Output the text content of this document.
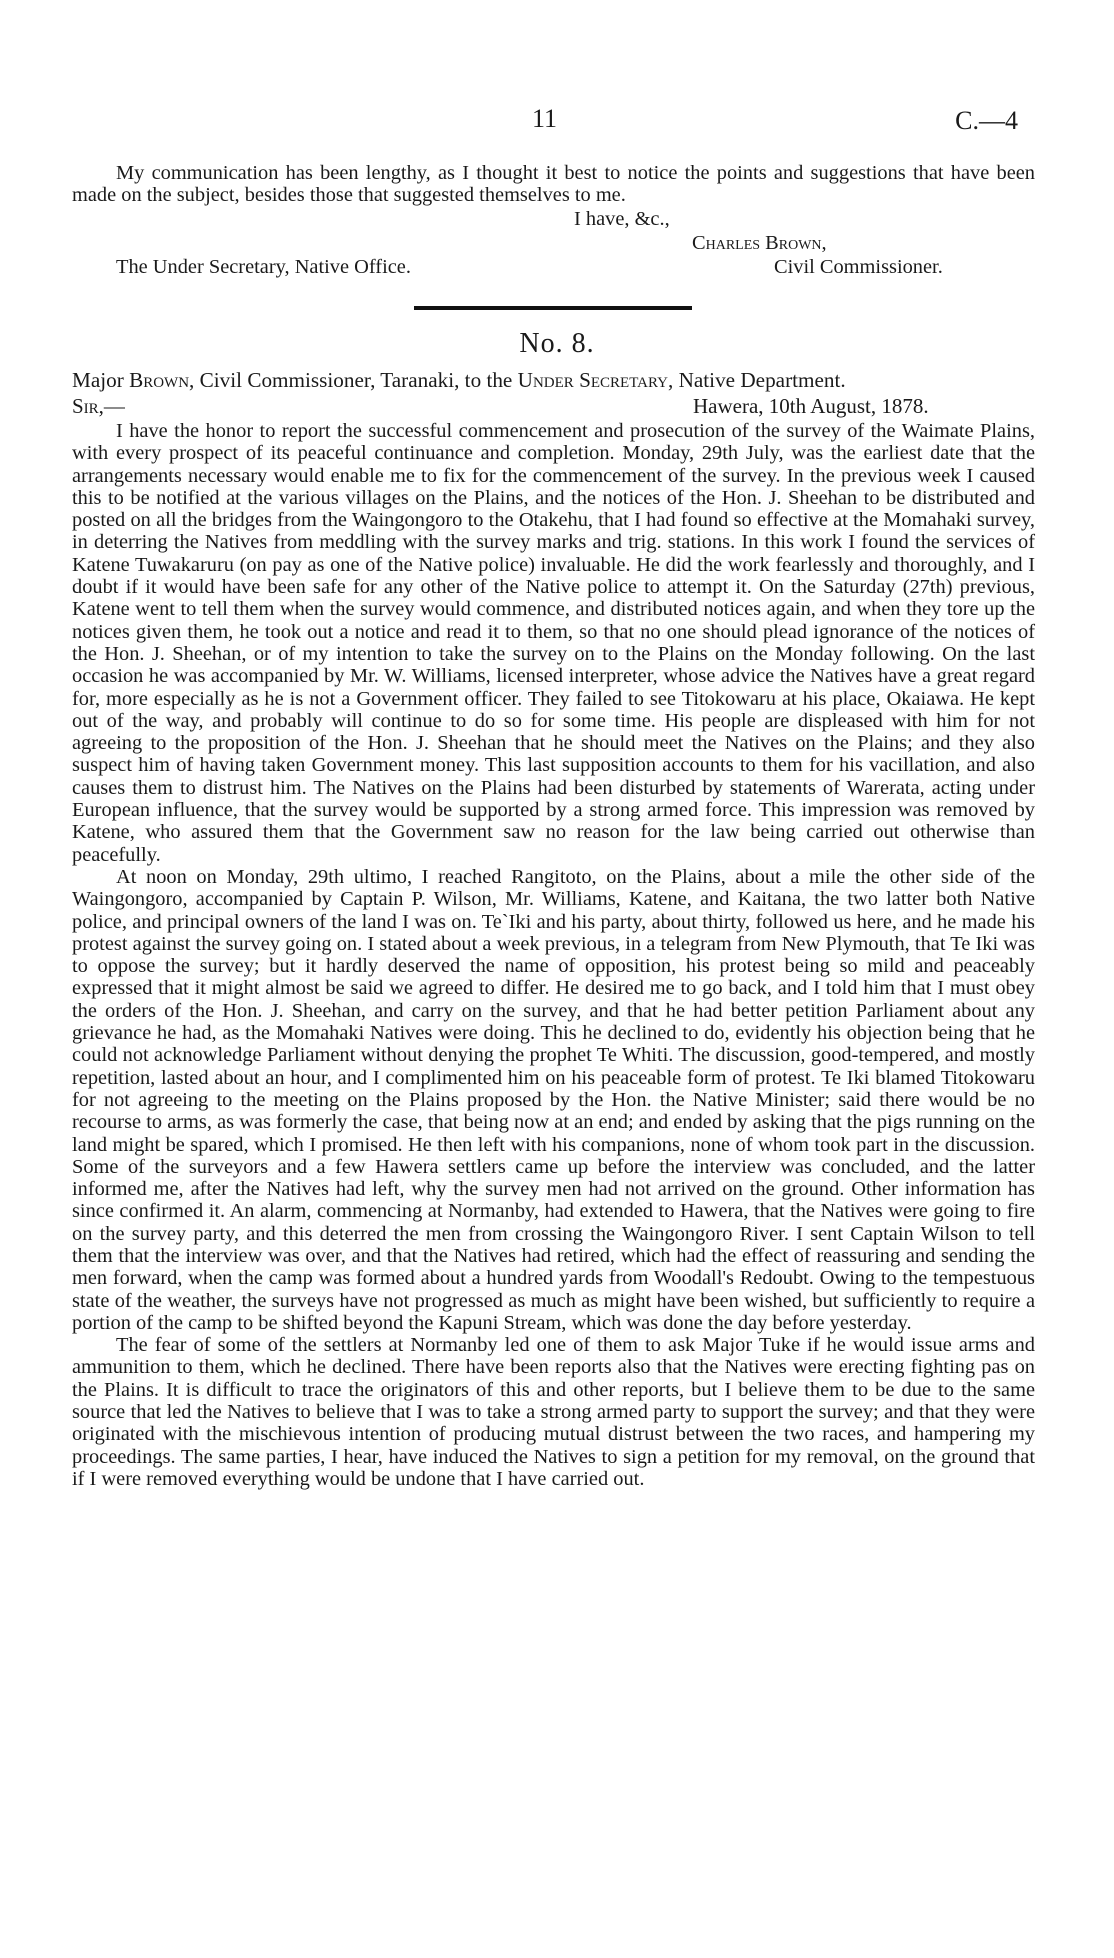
11	C.—4
My communication has been lengthy, as I thought it best to notice the points and suggestions that have been made on the subject, besides those that suggested themselves to me.
I have, &c.,
Charles Brown,
The Under Secretary, Native Office.	Civil Commissioner.
No. 8.
Major Brown, Civil Commissioner, Taranaki, to the Under Secretary, Native Department.
Sir,—	Hawera, 10th August, 1878.

I have the honor to report the successful commencement and prosecution of the survey of the Waimate Plains, with every prospect of its peaceful continuance and completion. Monday, 29th July, was the earliest date that the arrangements necessary would enable me to fix for the commencement of the survey. In the previous week I caused this to be notified at the various villages on the Plains, and the notices of the Hon. J. Sheehan to be distributed and posted on all the bridges from the Waingongoro to the Otakehu, that I had found so effective at the Momahaki survey, in deterring the Natives from meddling with the survey marks and trig. stations. In this work I found the services of Katene Tuwakaruru (on pay as one of the Native police) invaluable. He did the work fearlessly and thoroughly, and I doubt if it would have been safe for any other of the Native police to attempt it. On the Saturday (27th) previous, Katene went to tell them when the survey would commence, and distributed notices again, and when they tore up the notices given them, he took out a notice and read it to them, so that no one should plead ignorance of the notices of the Hon. J. Sheehan, or of my intention to take the survey on to the Plains on the Monday following. On the last occasion he was accompanied by Mr. W. Williams, licensed interpreter, whose advice the Natives have a great regard for, more especially as he is not a Government officer. They failed to see Titokowaru at his place, Okaiawa. He kept out of the way, and probably will continue to do so for some time. His people are displeased with him for not agreeing to the proposition of the Hon. J. Sheehan that he should meet the Natives on the Plains; and they also suspect him of having taken Government money. This last supposition accounts to them for his vacillation, and also causes them to distrust him. The Natives on the Plains had been disturbed by statements of Warerata, acting under European influence, that the survey would be supported by a strong armed force. This impression was removed by Katene, who assured them that the Government saw no reason for the law being carried out otherwise than peacefully.

At noon on Monday, 29th ultimo, I reached Rangitoto, on the Plains, about a mile the other side of the Waingongoro, accompanied by Captain P. Wilson, Mr. Williams, Katene, and Kaitana, the two latter both Native police, and principal owners of the land I was on. Te`Iki and his party, about thirty, followed us here, and he made his protest against the survey going on. I stated about a week previous, in a telegram from New Plymouth, that Te Iki was to oppose the survey; but it hardly deserved the name of opposition, his protest being so mild and peaceably expressed that it might almost be said we agreed to differ. He desired me to go back, and I told him that I must obey the orders of the Hon. J. Sheehan, and carry on the survey, and that he had better petition Parliament about any grievance he had, as the Momahaki Natives were doing. This he declined to do, evidently his objection being that he could not acknowledge Parliament without denying the prophet Te Whiti. The discussion, good-tempered, and mostly repetition, lasted about an hour, and I complimented him on his peaceable form of protest. Te Iki blamed Titokowaru for not agreeing to the meeting on the Plains proposed by the Hon. the Native Minister; said there would be no recourse to arms, as was formerly the case, that being now at an end; and ended by asking that the pigs running on the land might be spared, which I promised. He then left with his companions, none of whom took part in the discussion. Some of the surveyors and a few Hawera settlers came up before the interview was concluded, and the latter informed me, after the Natives had left, why the survey men had not arrived on the ground. Other information has since confirmed it. An alarm, commencing at Normanby, had extended to Hawera, that the Natives were going to fire on the survey party, and this deterred the men from crossing the Waingongoro River. I sent Captain Wilson to tell them that the interview was over, and that the Natives had retired, which had the effect of reassuring and sending the men forward, when the camp was formed about a hundred yards from Woodall's Redoubt. Owing to the tempestuous state of the weather, the surveys have not progressed as much as might have been wished, but sufficiently to require a portion of the camp to be shifted beyond the Kapuni Stream, which was done the day before yesterday.

The fear of some of the settlers at Normanby led one of them to ask Major Tuke if he would issue arms and ammunition to them, which he declined. There have been reports also that the Natives were erecting fighting pas on the Plains. It is difficult to trace the originators of this and other reports, but I believe them to be due to the same source that led the Natives to believe that I was to take a strong armed party to support the survey; and that they were originated with the mischievous intention of producing mutual distrust between the two races, and hampering my proceedings. The same parties, I hear, have induced the Natives to sign a petition for my removal, on the ground that if I were removed everything would be undone that I have carried out.
